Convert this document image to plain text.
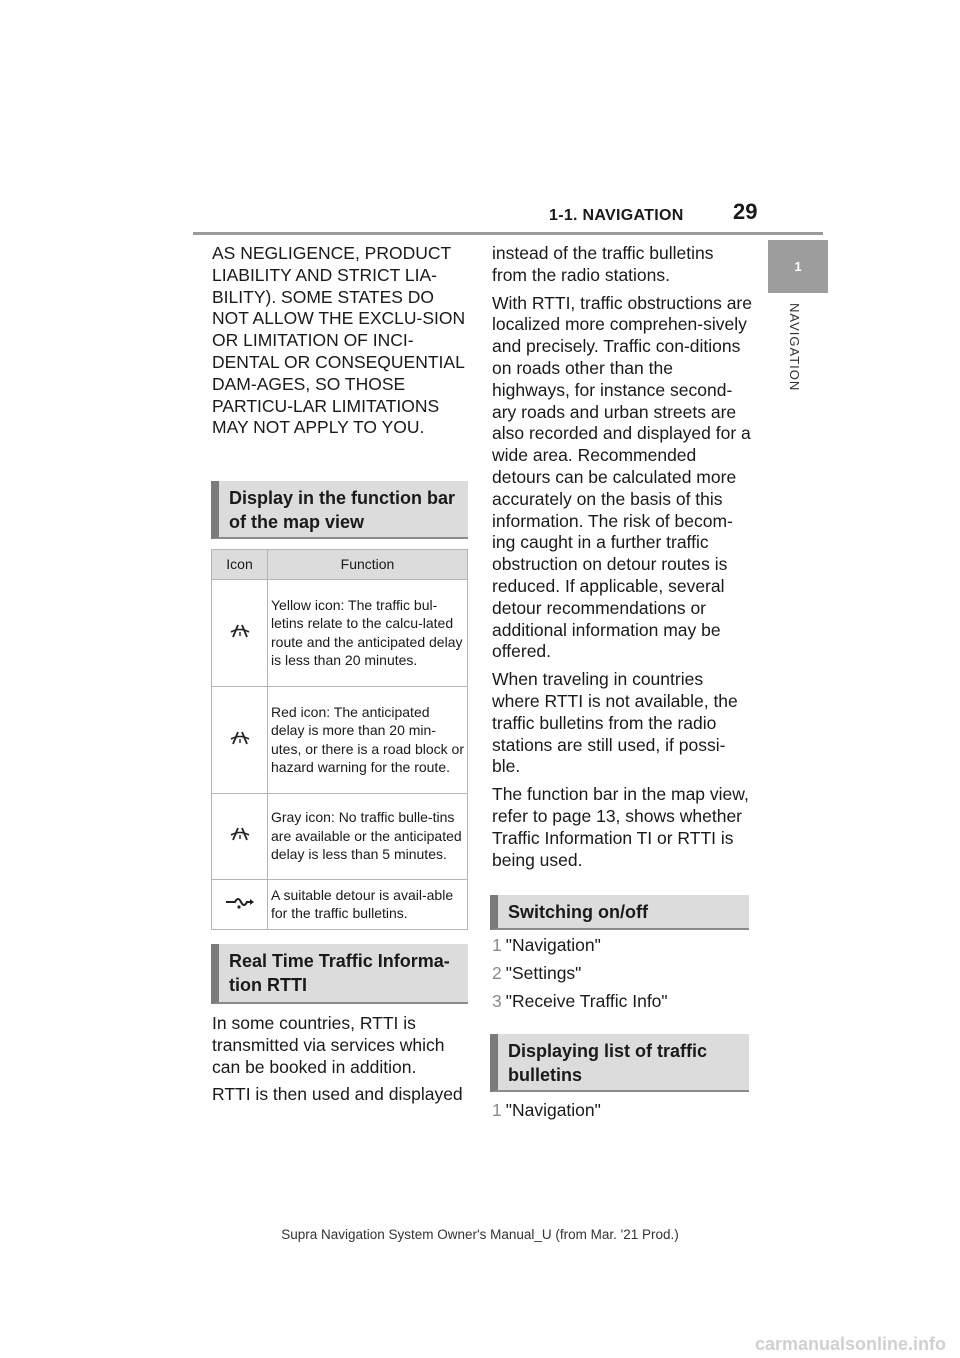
1-1. NAVIGATION 29
1
NAVIGATION

AS NEGLIGENCE, PRODUCT LIABILITY AND STRICT LIA-BILITY). SOME STATES DO NOT ALLOW THE EXCLU-SION OR LIMITATION OF INCI-DENTAL OR CONSEQUENTIAL DAM-AGES, SO THOSE PARTICU-LAR LIMITATIONS MAY NOT APPLY TO YOU.

Display in the function bar of the map view
Icon	Function
	Yellow icon: The traffic bul-letins relate to the calcu-lated route and the anticipated delay is less than 20 minutes.
	Red icon: The anticipated delay is more than 20 min-utes, or there is a road block or hazard warning for the route.
	Gray icon: No traffic bulle-tins are available or the anticipated delay is less than 5 minutes.
	A suitable detour is avail-able for the traffic bulletins.
Real Time Traffic Informa-tion RTTI

In some countries, RTTI is transmitted via services which can be booked in addition.

RTTI is then used and displayed

instead of the traffic bulletins from the radio stations.

With RTTI, traffic obstructions are localized more comprehen-sively and precisely. Traffic con-ditions on roads other than the highways, for instance second-ary roads and urban streets are also recorded and displayed for a wide area. Recommended detours can be calculated more accurately on the basis of this information. The risk of becom-ing caught in a further traffic obstruction on detour routes is reduced. If applicable, several detour recommendations or additional information may be offered.

When traveling in countries where RTTI is not available, the traffic bulletins from the radio stations are still used, if possi-ble.

The function bar in the map view, refer to page 13, shows whether Traffic Information TI or RTTI is being used.

Switching on/off
1 "Navigation"
2 "Settings"
3 "Receive Traffic Info"
Displaying list of traffic bulletins
1 "Navigation"
Supra Navigation System Owner's Manual_U (from Mar. '21 Prod.)
carmanualsonline.info
